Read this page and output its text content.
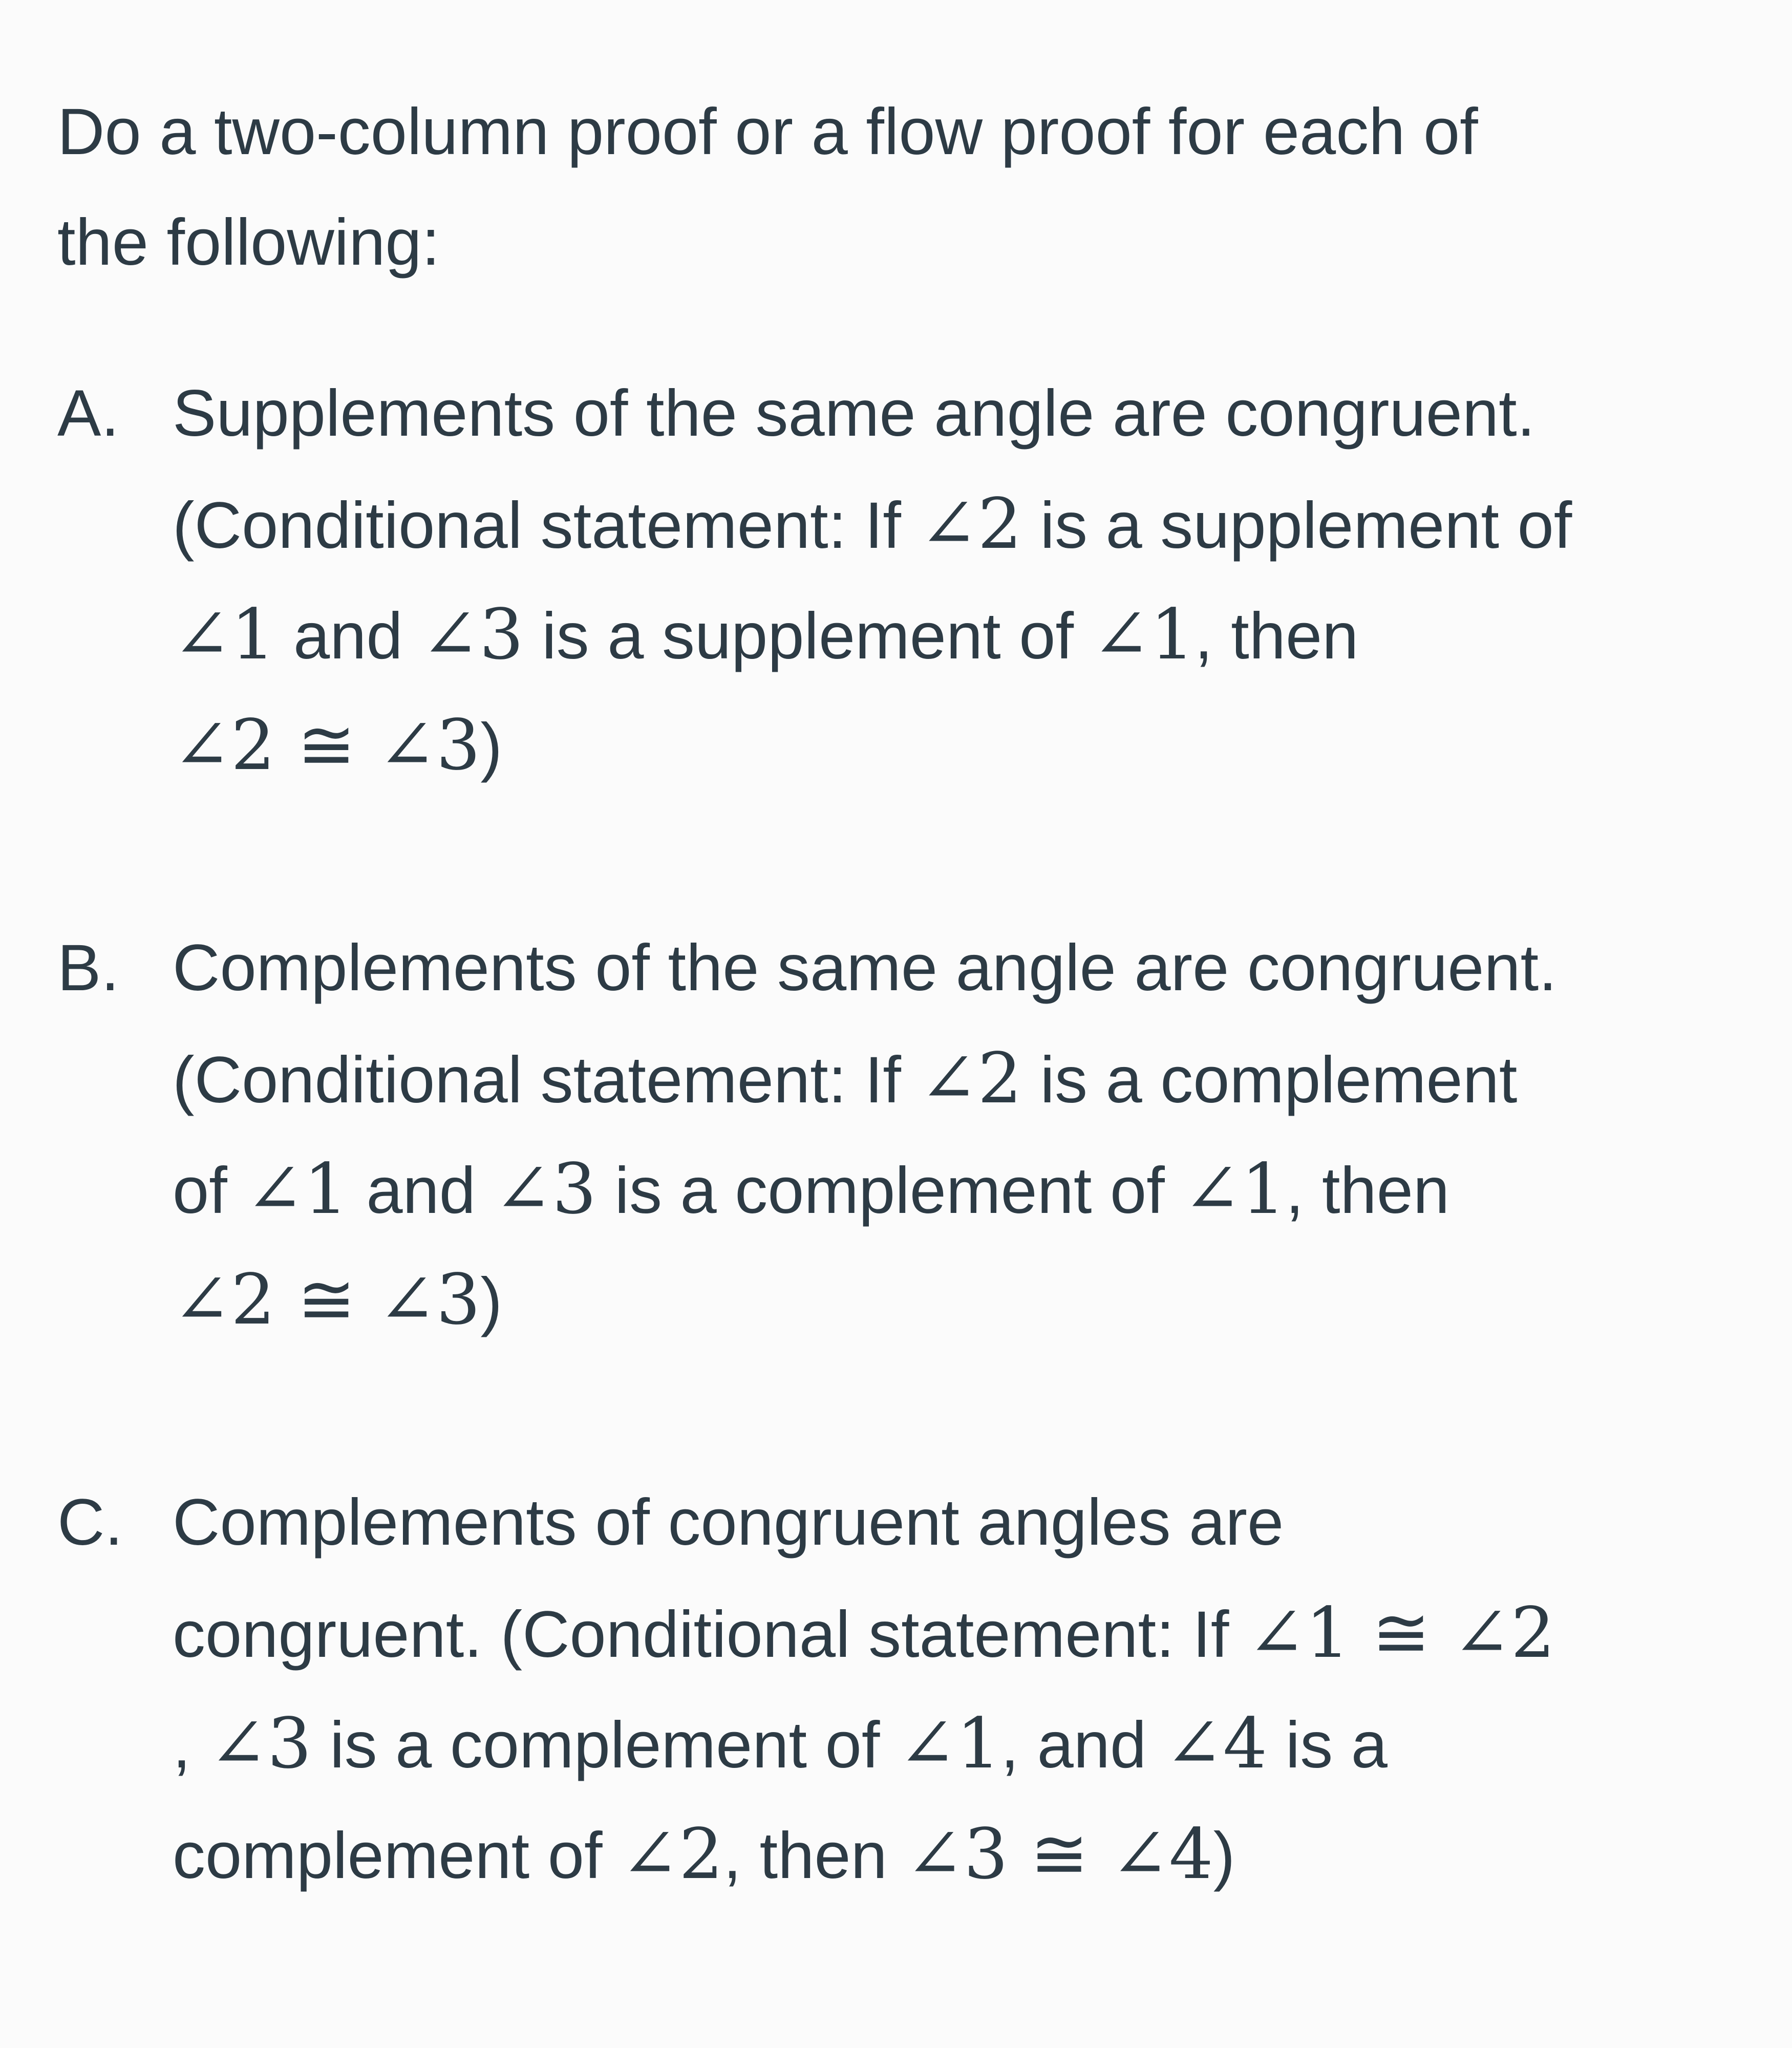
Do a two-column proof or a flow proof for each of
the following:

A. Supplements of the same angle are congruent.
(Conditional statement: If ∠2 is a supplement of
∠1 and ∠3 is a supplement of ∠1, then
∠2 ≅ ∠3)
B. Complements of the same angle are congruent.
(Conditional statement: If ∠2 is a complement
of ∠1 and ∠3 is a complement of ∠1, then
∠2 ≅ ∠3)
C. Complements of congruent angles are
congruent. (Conditional statement: If ∠1 ≅ ∠2
, ∠3 is a complement of ∠1, and ∠4 is a
complement of ∠2, then ∠3 ≅ ∠4)
